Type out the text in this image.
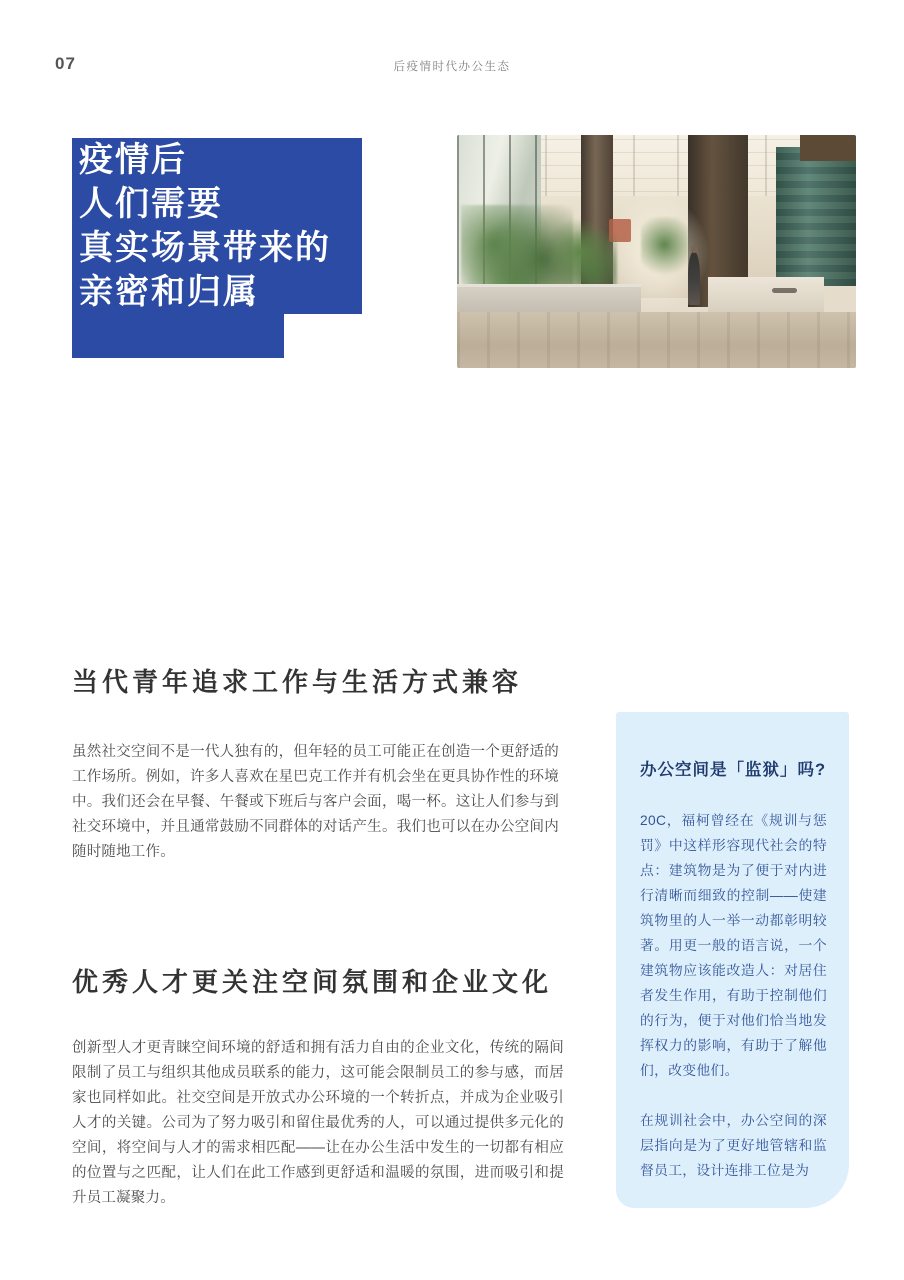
07	后疫情时代办公生态
疫情后
人们需要
真实场景带来的
亲密和归属
当代青年追求工作与生活方式兼容

虽然社交空间不是一代人独有的，但年轻的员工可能正在创造一个更舒适的工作场所。例如，许多人喜欢在星巴克工作并有机会坐在更具协作性的环境中。我们还会在早餐、午餐或下班后与客户会面，喝一杯。这让人们参与到社交环境中，并且通常鼓励不同群体的对话产生。我们也可以在办公空间内随时随地工作。

优秀人才更关注空间氛围和企业文化

创新型人才更青睐空间环境的舒适和拥有活力自由的企业文化，传统的隔间限制了员工与组织其他成员联系的能力，这可能会限制员工的参与感，而居家也同样如此。社交空间是开放式办公环境的一个转折点，并成为企业吸引人才的关键。公司为了努力吸引和留住最优秀的人，可以通过提供多元化的空间，将空间与人才的需求相匹配——让在办公生活中发生的一切都有相应的位置与之匹配，让人们在此工作感到更舒适和温暖的氛围，进而吸引和提升员工凝聚力。

办公空间是「监狱」吗?

20C，福柯曾经在《规训与惩罚》中这样形容现代社会的特点：建筑物是为了便于对内进行清晰而细致的控制——使建筑物里的人一举一动都彰明较著。用更一般的语言说，一个建筑物应该能改造人：对居住者发生作用，有助于控制他们的行为，便于对他们恰当地发挥权力的影响，有助于了解他们，改变他们。

在规训社会中，办公空间的深层指向是为了更好地管辖和监督员工，设计连排工位是为
